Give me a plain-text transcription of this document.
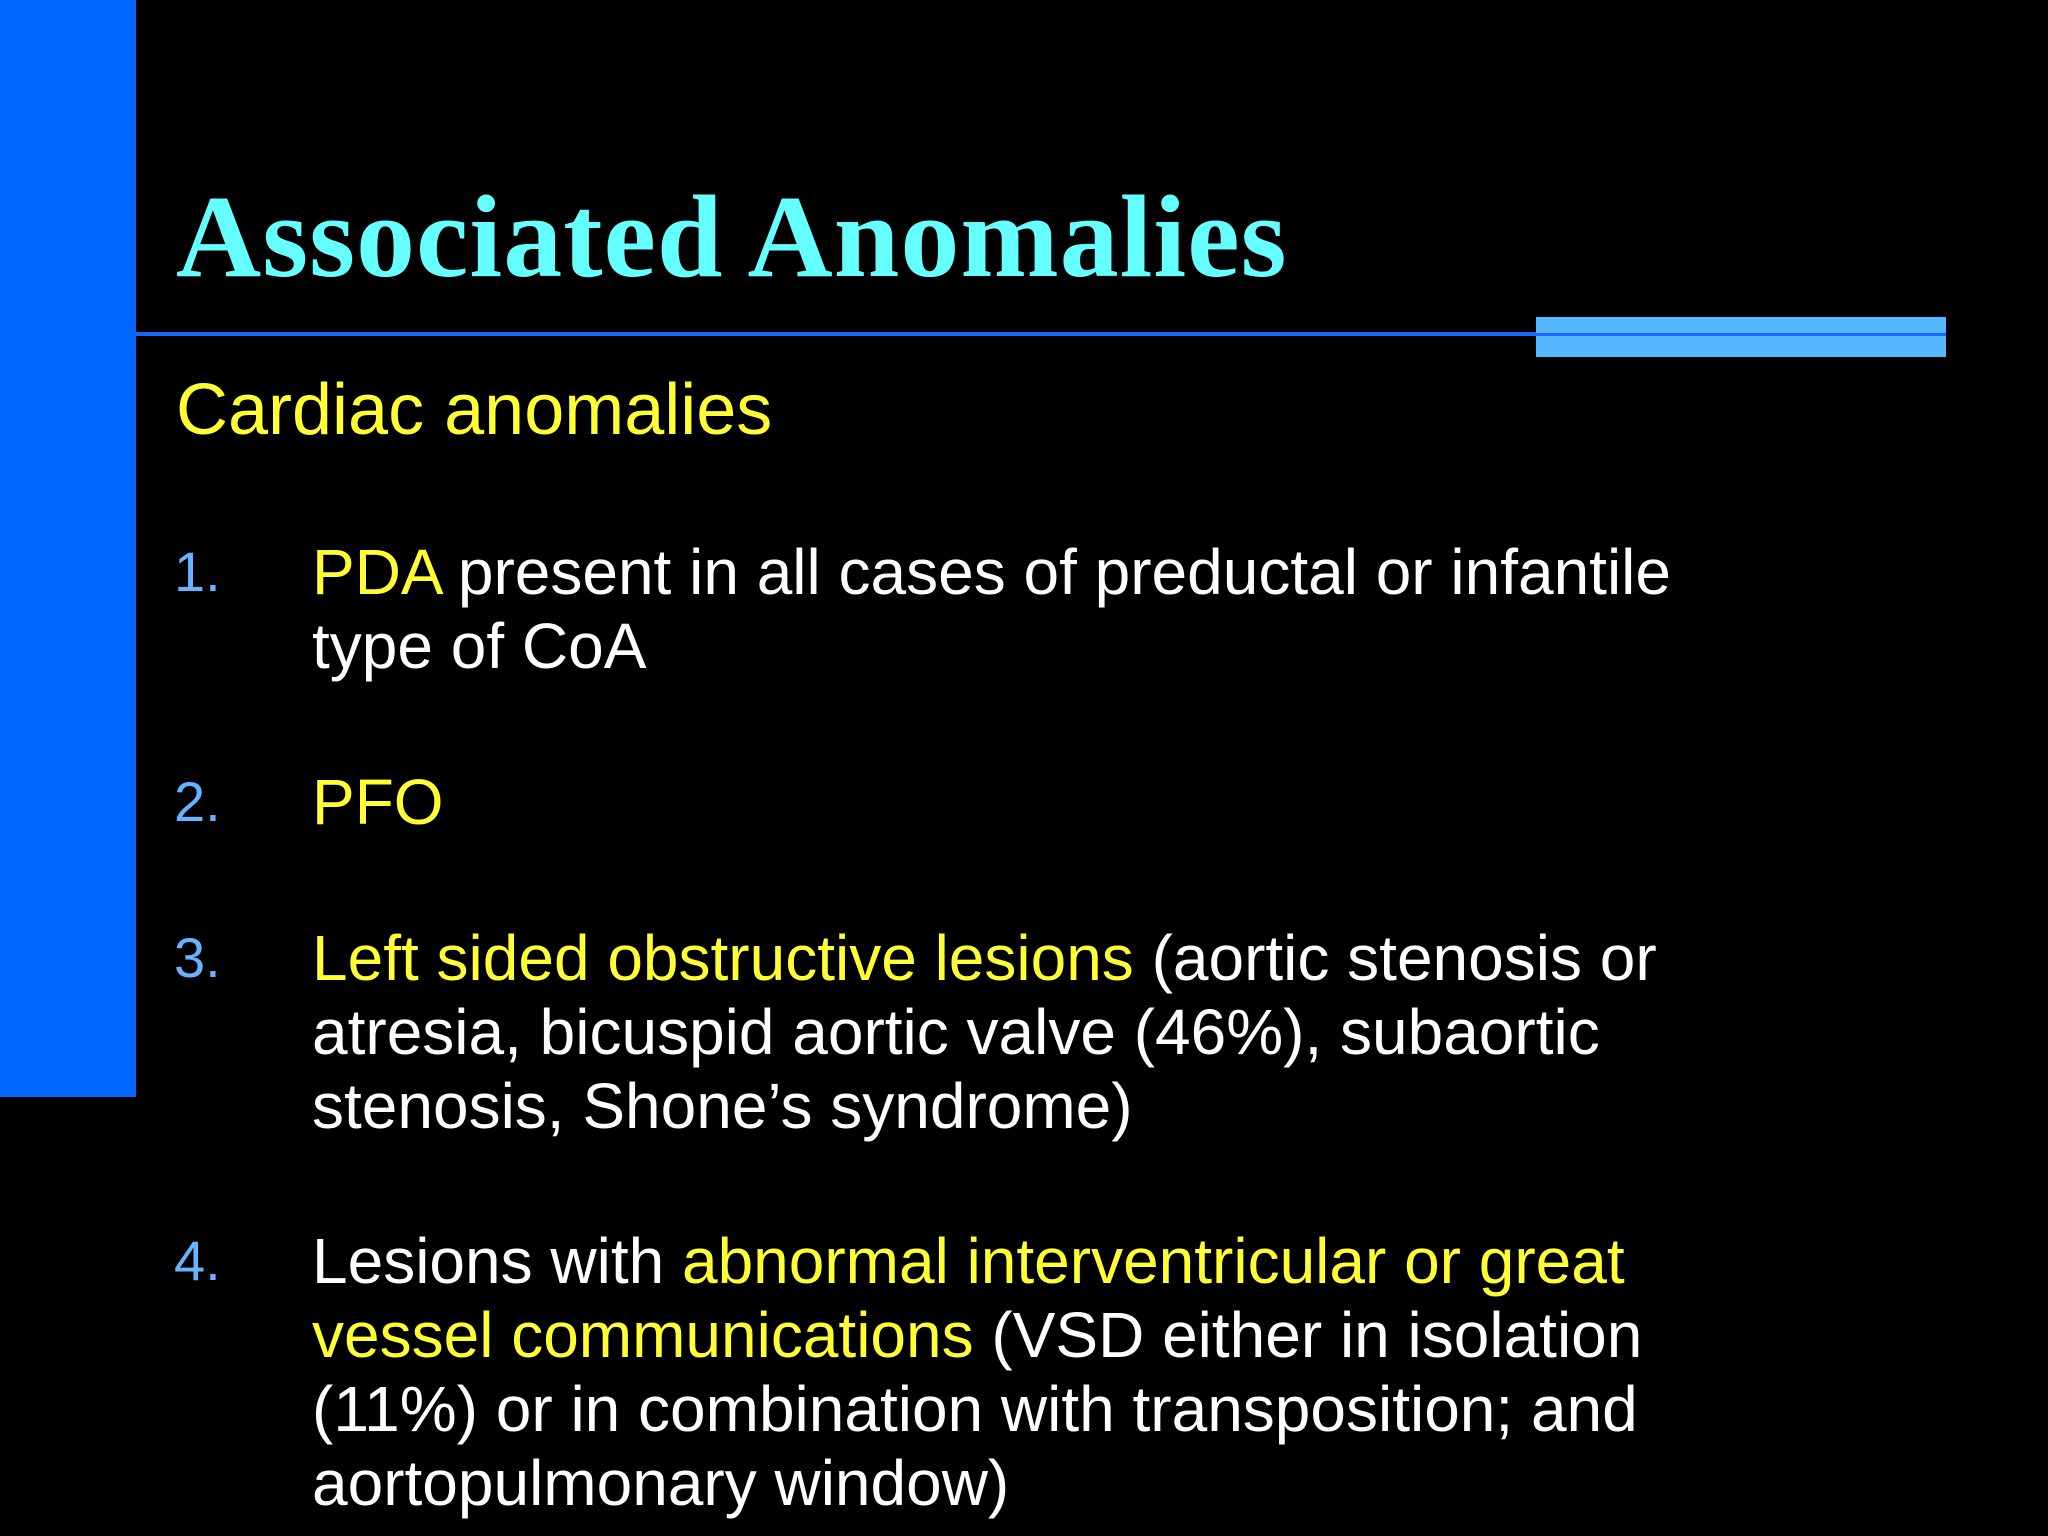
Associated Anomalies
Cardiac anomalies
1. PDA present in all cases of preductal or infantile
type of CoA
2. PFO
3. Left sided obstructive lesions (aortic stenosis or
atresia, bicuspid aortic valve (46%), subaortic
stenosis, Shone’s syndrome)
4. Lesions with abnormal interventricular or great
vessel communications (VSD either in isolation
(11%) or in combination with transposition; and
aortopulmonary window)
